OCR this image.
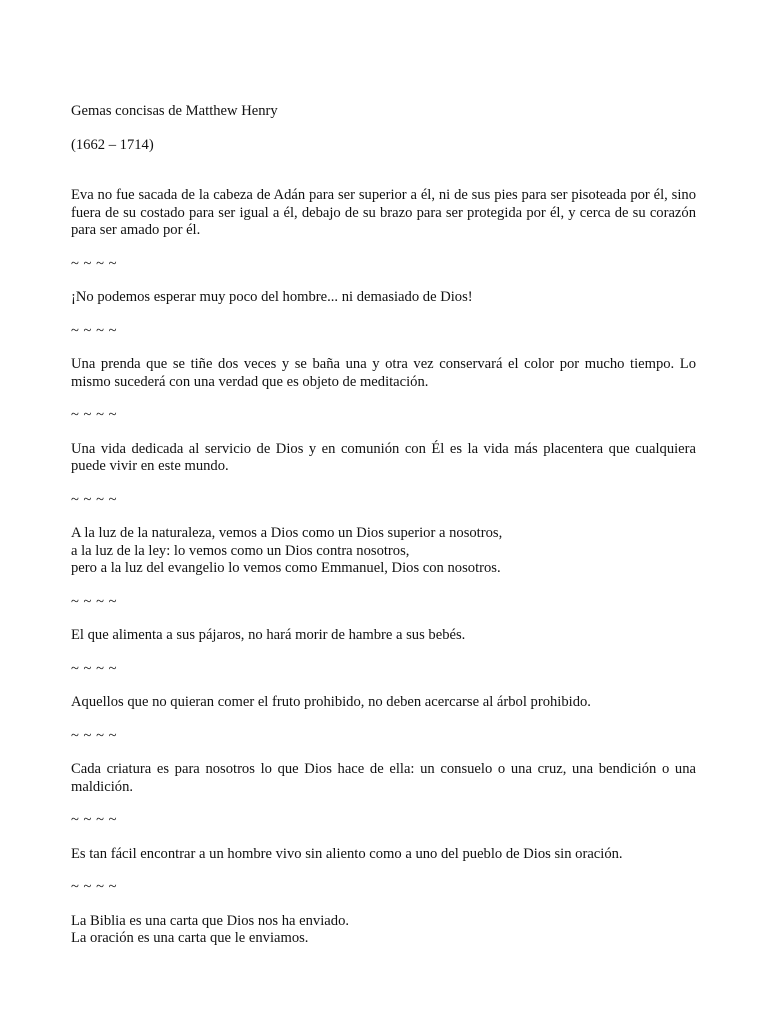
Gemas concisas de Matthew Henry

(1662 – 1714)

Eva no fue sacada de la cabeza de Adán para ser superior a él, ni de sus pies para ser pisoteada por él, sino fuera de su costado para ser igual a él, debajo de su brazo para ser protegida por él, y cerca de su corazón para ser amado por él.

~ ~ ~ ~

¡No podemos esperar muy poco del hombre... ni demasiado de Dios!

~ ~ ~ ~

Una prenda que se tiñe dos veces y se baña una y otra vez conservará el color por mucho tiempo. Lo mismo sucederá con una verdad que es objeto de meditación.

~ ~ ~ ~

Una vida dedicada al servicio de Dios y en comunión con Él es la vida más placentera que cualquiera puede vivir en este mundo.

~ ~ ~ ~

A la luz de la naturaleza, vemos a Dios como un Dios superior a nosotros,
a la luz de la ley: lo vemos como un Dios contra nosotros,
pero a la luz del evangelio lo vemos como Emmanuel, Dios con nosotros.

~ ~ ~ ~

El que alimenta a sus pájaros, no hará morir de hambre a sus bebés.

~ ~ ~ ~

Aquellos que no quieran comer el fruto prohibido, no deben acercarse al árbol prohibido.

~ ~ ~ ~

Cada criatura es para nosotros lo que Dios hace de ella: un consuelo o una cruz, una bendición o una maldición.

~ ~ ~ ~

Es tan fácil encontrar a un hombre vivo sin aliento como a uno del pueblo de Dios sin oración.

~ ~ ~ ~

La Biblia es una carta que Dios nos ha enviado.
La oración es una carta que le enviamos.
